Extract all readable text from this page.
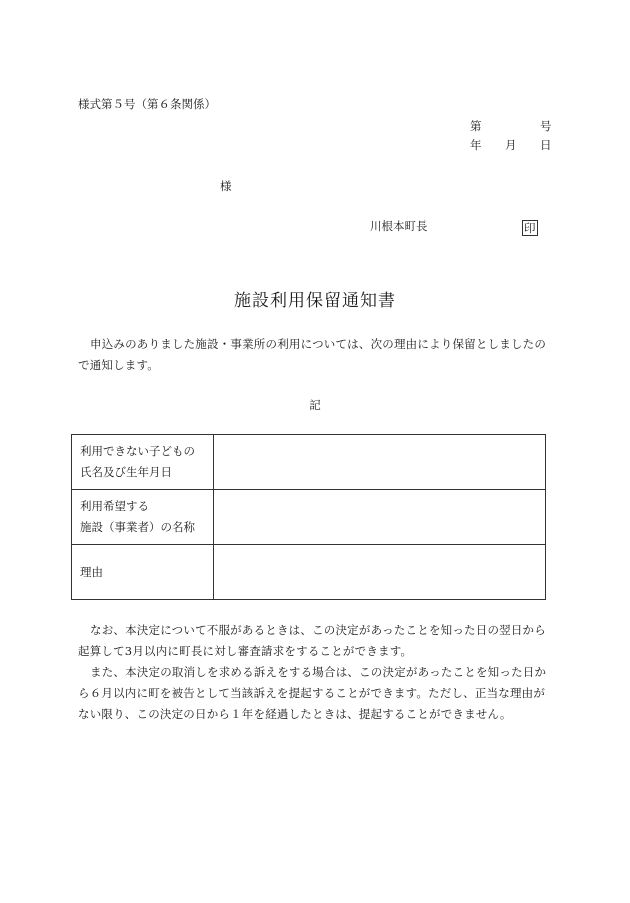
様式第５号（第６条関係）
第	号
年 月 日
様
川根本町長	印
施設利用保留通知書
申込みのありました施設・事業所の利用については、次の理由により保留としましたので通知します。
記
利用できない子どもの
氏名及び生年月日	

利用希望する
施設（事業者）の名称	

理由	

なお、本決定について不服があるときは、この決定があったことを知った日の翌日から起算して3月以内に町長に対し審査請求をすることができます。
また、本決定の取消しを求める訴えをする場合は、この決定があったことを知った日から６月以内に町を被告として当該訴えを提起することができます。ただし、正当な理由がない限り、この決定の日から１年を経過したときは、提起することができません。
